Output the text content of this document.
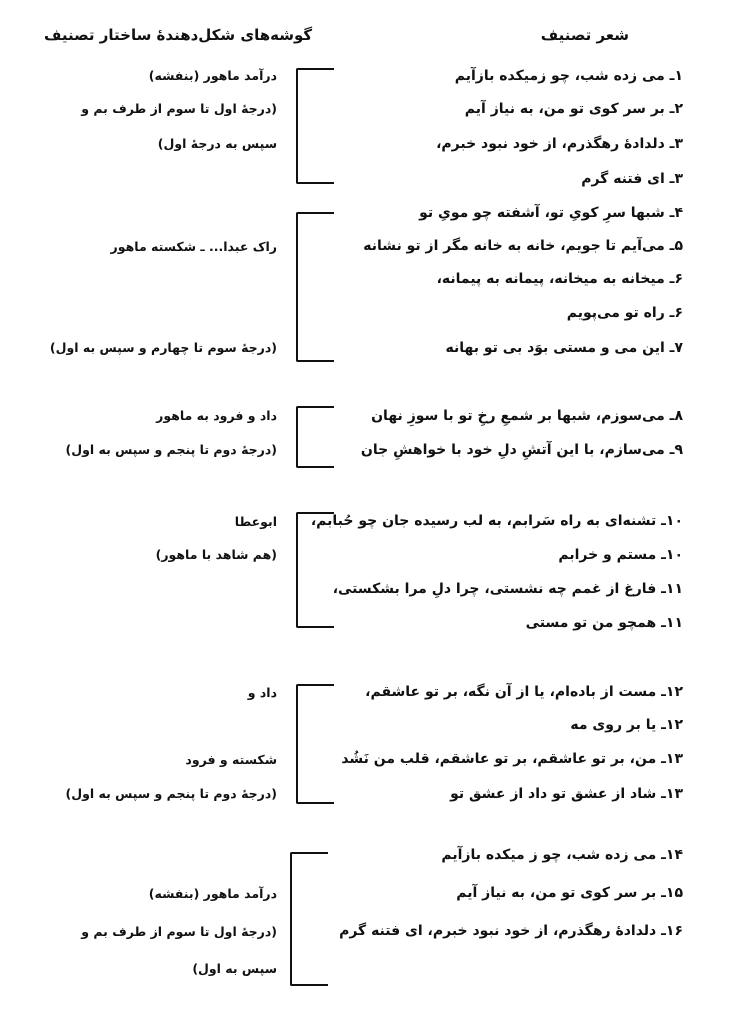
شعر تصنیف
گوشه‌های شکل‌دهندۀ ساختار تصنیف
۱ـ می زده شب، چو زمیکده بازآیم
۲ـ بر سر کوی تو من، به نیاز آیم
۳ـ دلدادۀ رهگذرم، از خود نبود خبرم،
۳ـ ای فتنه گرم
درآمد ماهور (بنفشه)
(درجۀ اول تا سوم از طرف بم و
سپس به درجۀ اول)
۴ـ شبها سرِ کویِ تو، آشفته چو مویِ تو
۵ـ می‌آیم تا جویم، خانه به خانه مگر از تو نشانه
۶ـ میخانه به میخانه، پیمانه به پیمانه،
۶ـ راه تو می‌پویم
۷ـ این می و مستی بوَد بی تو بهانه
راک عبدا... ـ شکسته ماهور
(درجۀ سوم تا چهارم و سپس به اول)
۸ـ می‌سوزم، شبها بر شمعِ رخِ تو با سوزِ نهان
۹ـ می‌سازم، با این آتشِ دلِ خود با خواهشِ جان
داد و فرود به ماهور
(درجۀ دوم تا پنجم و سپس به اول)
۱۰ـ تشنه‌ای به راه سَرابم، به لب رسیده جان چو حُبابم،
۱۰ـ مستم و خرابم
۱۱ـ فارغ از غمم چه نشستی، چرا دلِ مرا بشکستی،
۱۱ـ همچو من تو مستی
ابوعطا
(هم شاهد با ماهور)
۱۲ـ مست از باده‌ام، یا از آن نگه، بر تو عاشقم،
۱۲ـ یا بر روی مه
۱۳ـ من، بر تو عاشقم، بر تو عاشقم، قلب من نَشُد
۱۳ـ شاد از عشق تو داد از عشق تو
داد و
شکسته و فرود
(درجۀ دوم تا پنجم و سپس به اول)
۱۴ـ می زده شب، چو ز میکده بازآیم
۱۵ـ بر سر کوی تو من، به نیاز آیم
۱۶ـ دلدادۀ رهگذرم، از خود نبود خبرم، ای فتنه گرم
درآمد ماهور (بنفشه)
(درجۀ اول تا سوم از طرف بم و
سپس به اول)
